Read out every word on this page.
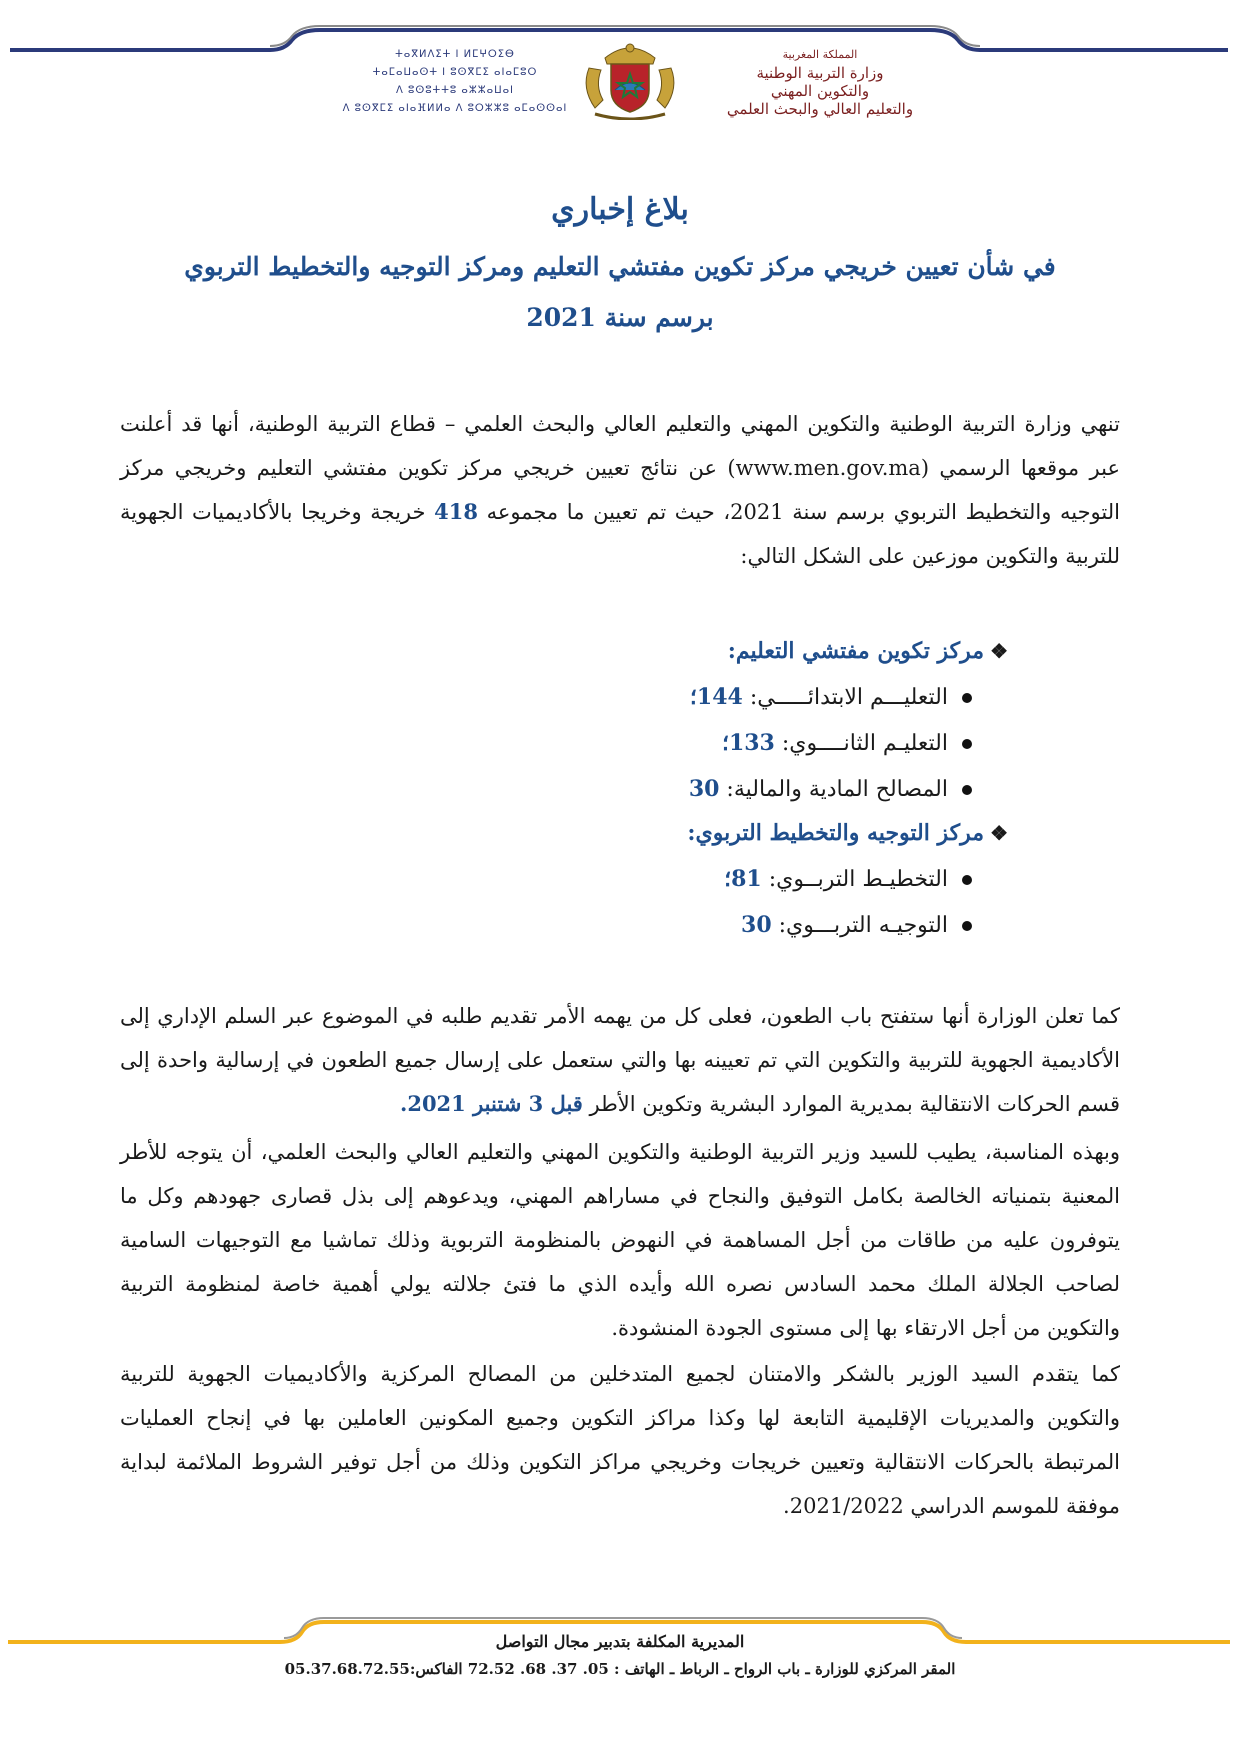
ⵜⴰⴳⵍⴷⵉⵜ ⵏ ⵍⵎⵖⵔⵉⴱ
ⵜⴰⵎⴰⵡⴰⵙⵜ ⵏ ⵓⵙⴳⵎⵉ ⴰⵏⴰⵎⵓⵔ
ⴷ ⵓⵙⵓⵜⵜⵓ ⴰⵣⵣⴰⵡⴰⵏ
ⴷ ⵓⵙⴳⵎⵉ ⴰⵏⴰⴼⵍⵍⴰ ⴷ ⵓⵔⵣⵣⵓ ⴰⵎⴰⵙⵙⴰⵏ
المملكة المغربية
وزارة التربية الوطنية
والتكوين المهني
والتعليم العالي والبحث العلمي
بلاغ إخباري
في شأن تعيين خريجي مركز تكوين مفتشي التعليم ومركز التوجيه والتخطيط التربوي
برسم سنة 2021

تنهي وزارة التربية الوطنية والتكوين المهني والتعليم العالي والبحث العلمي – قطاع التربية الوطنية، أنها قد أعلنت عبر موقعها الرسمي (www.men.gov.ma) عن نتائج تعيين خريجي مركز تكوين مفتشي التعليم وخريجي مركز التوجيه والتخطيط التربوي برسم سنة 2021، حيث تم تعيين ما مجموعه 418 خريجة وخريجا بالأكاديميات الجهوية للتربية والتكوين موزعين على الشكل التالي:

❖مركز تكوين مفتشي التعليم:
التعليـــم الابتدائـــــي: 144؛
التعليـم الثانــــوي: 133؛
المصالح المادية والمالية: 30
❖مركز التوجيه والتخطيط التربوي:
التخطيـط التربــوي: 81؛
التوجيـه التربـــوي: 30

كما تعلن الوزارة أنها ستفتح باب الطعون، فعلى كل من يهمه الأمر تقديم طلبه في الموضوع عبر السلم الإداري إلى الأكاديمية الجهوية للتربية والتكوين التي تم تعيينه بها والتي ستعمل على إرسال جميع الطعون في إرسالية واحدة إلى قسم الحركات الانتقالية بمديرية الموارد البشرية وتكوين الأطر قبل 3 شتنبر 2021.

وبهذه المناسبة، يطيب للسيد وزير التربية الوطنية والتكوين المهني والتعليم العالي والبحث العلمي، أن يتوجه للأطر المعنية بتمنياته الخالصة بكامل التوفيق والنجاح في مساراهم المهني، ويدعوهم إلى بذل قصارى جهودهم وكل ما يتوفرون عليه من طاقات من أجل المساهمة في النهوض بالمنظومة التربوية وذلك تماشيا مع التوجيهات السامية لصاحب الجلالة الملك محمد السادس نصره الله وأيده الذي ما فتئ جلالته يولي أهمية خاصة لمنظومة التربية والتكوين من أجل الارتقاء بها إلى مستوى الجودة المنشودة.

كما يتقدم السيد الوزير بالشكر والامتنان لجميع المتدخلين من المصالح المركزية والأكاديميات الجهوية للتربية والتكوين والمديريات الإقليمية التابعة لها وكذا مراكز التكوين وجميع المكونين العاملين بها في إنجاح العمليات المرتبطة بالحركات الانتقالية وتعيين خريجات وخريجي مراكز التكوين وذلك من أجل توفير الشروط الملائمة لبداية موفقة للموسم الدراسي 2021/2022.

المديرية المكلفة بتدبير مجال التواصل
المقر المركزي للوزارة ـ باب الرواح ـ الرباط ـ الهاتف : 05. 37. 68. 72.52 الفاكس:05.37.68.72.55
